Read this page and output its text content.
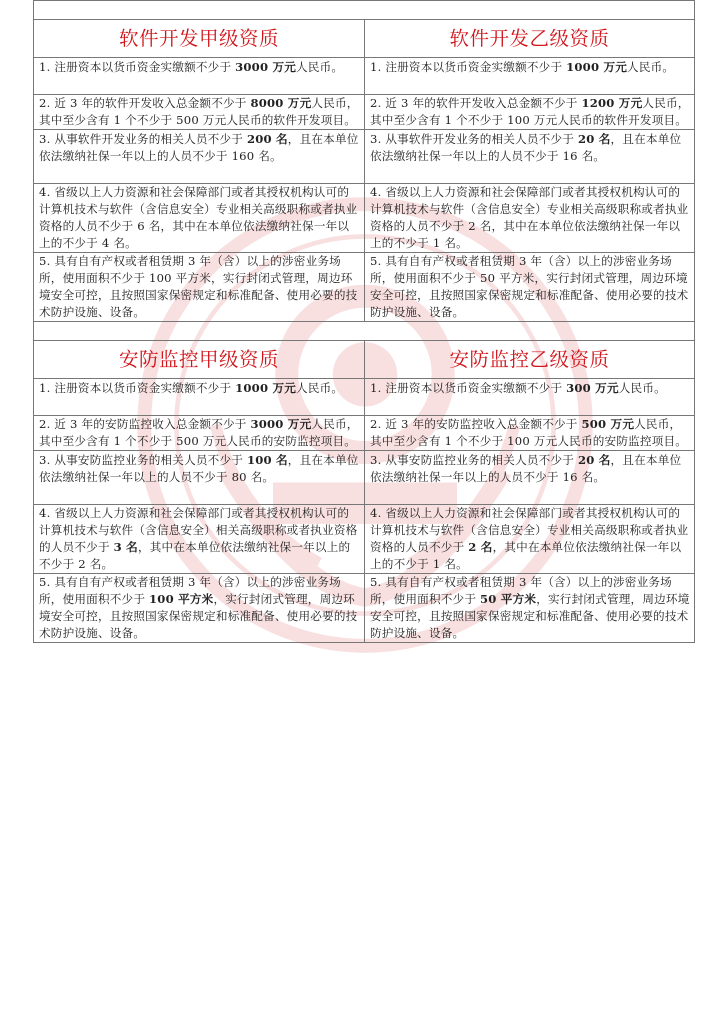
软件开发甲级资质	软件开发乙级资质
1. 注册资本以货币资金实缴额不少于 3000 万元人民币。	1. 注册资本以货币资金实缴额不少于 1000 万元人民币。
2. 近 3 年的软件开发收入总金额不少于 8000 万元人民币，其中至少含有 1 个不少于 500 万元人民币的软件开发项目。	2. 近 3 年的软件开发收入总金额不少于 1200 万元人民币，其中至少含有 1 个不少于 100 万元人民币的软件开发项目。
3. 从事软件开发业务的相关人员不少于 200 名，且在本单位依法缴纳社保一年以上的人员不少于 160 名。	3. 从事软件开发业务的相关人员不少于 20 名，且在本单位依法缴纳社保一年以上的人员不少于 16 名。
4. 省级以上人力资源和社会保障部门或者其授权机构认可的计算机技术与软件（含信息安全）专业相关高级职称或者执业资格的人员不少于 6 名，其中在本单位依法缴纳社保一年以上的不少于 4 名。	4. 省级以上人力资源和社会保障部门或者其授权机构认可的计算机技术与软件（含信息安全）专业相关高级职称或者执业资格的人员不少于 2 名，其中在本单位依法缴纳社保一年以上的不少于 1 名。
5. 具有自有产权或者租赁期 3 年（含）以上的涉密业务场所，使用面积不少于 100 平方米，实行封闭式管理，周边环境安全可控，且按照国家保密规定和标准配备、使用必要的技术防护设施、设备。	5. 具有自有产权或者租赁期 3 年（含）以上的涉密业务场所，使用面积不少于 50 平方米，实行封闭式管理，周边环境安全可控，且按照国家保密规定和标准配备、使用必要的技术防护设施、设备。

安防监控甲级资质	安防监控乙级资质
1. 注册资本以货币资金实缴额不少于 1000 万元人民币。	1. 注册资本以货币资金实缴额不少于 300 万元人民币。
2. 近 3 年的安防监控收入总金额不少于 3000 万元人民币，其中至少含有 1 个不少于 500 万元人民币的安防监控项目。	2. 近 3 年的安防监控收入总金额不少于 500 万元人民币，其中至少含有 1 个不少于 100 万元人民币的安防监控项目。
3. 从事安防监控业务的相关人员不少于 100 名，且在本单位依法缴纳社保一年以上的人员不少于 80 名。	3. 从事安防监控业务的相关人员不少于 20 名，且在本单位依法缴纳社保一年以上的人员不少于 16 名。
4. 省级以上人力资源和社会保障部门或者其授权机构认可的计算机技术与软件（含信息安全）相关高级职称或者执业资格的人员不少于 3 名，其中在本单位依法缴纳社保一年以上的不少于 2 名。	4. 省级以上人力资源和社会保障部门或者其授权机构认可的计算机技术与软件（含信息安全）专业相关高级职称或者执业资格的人员不少于 2 名，其中在本单位依法缴纳社保一年以上的不少于 1 名。
5. 具有自有产权或者租赁期 3 年（含）以上的涉密业务场所，使用面积不少于 100 平方米，实行封闭式管理，周边环境安全可控，且按照国家保密规定和标准配备、使用必要的技术防护设施、设备。	5. 具有自有产权或者租赁期 3 年（含）以上的涉密业务场所，使用面积不少于 50 平方米，实行封闭式管理，周边环境安全可控，且按照国家保密规定和标准配备、使用必要的技术防护设施、设备。
